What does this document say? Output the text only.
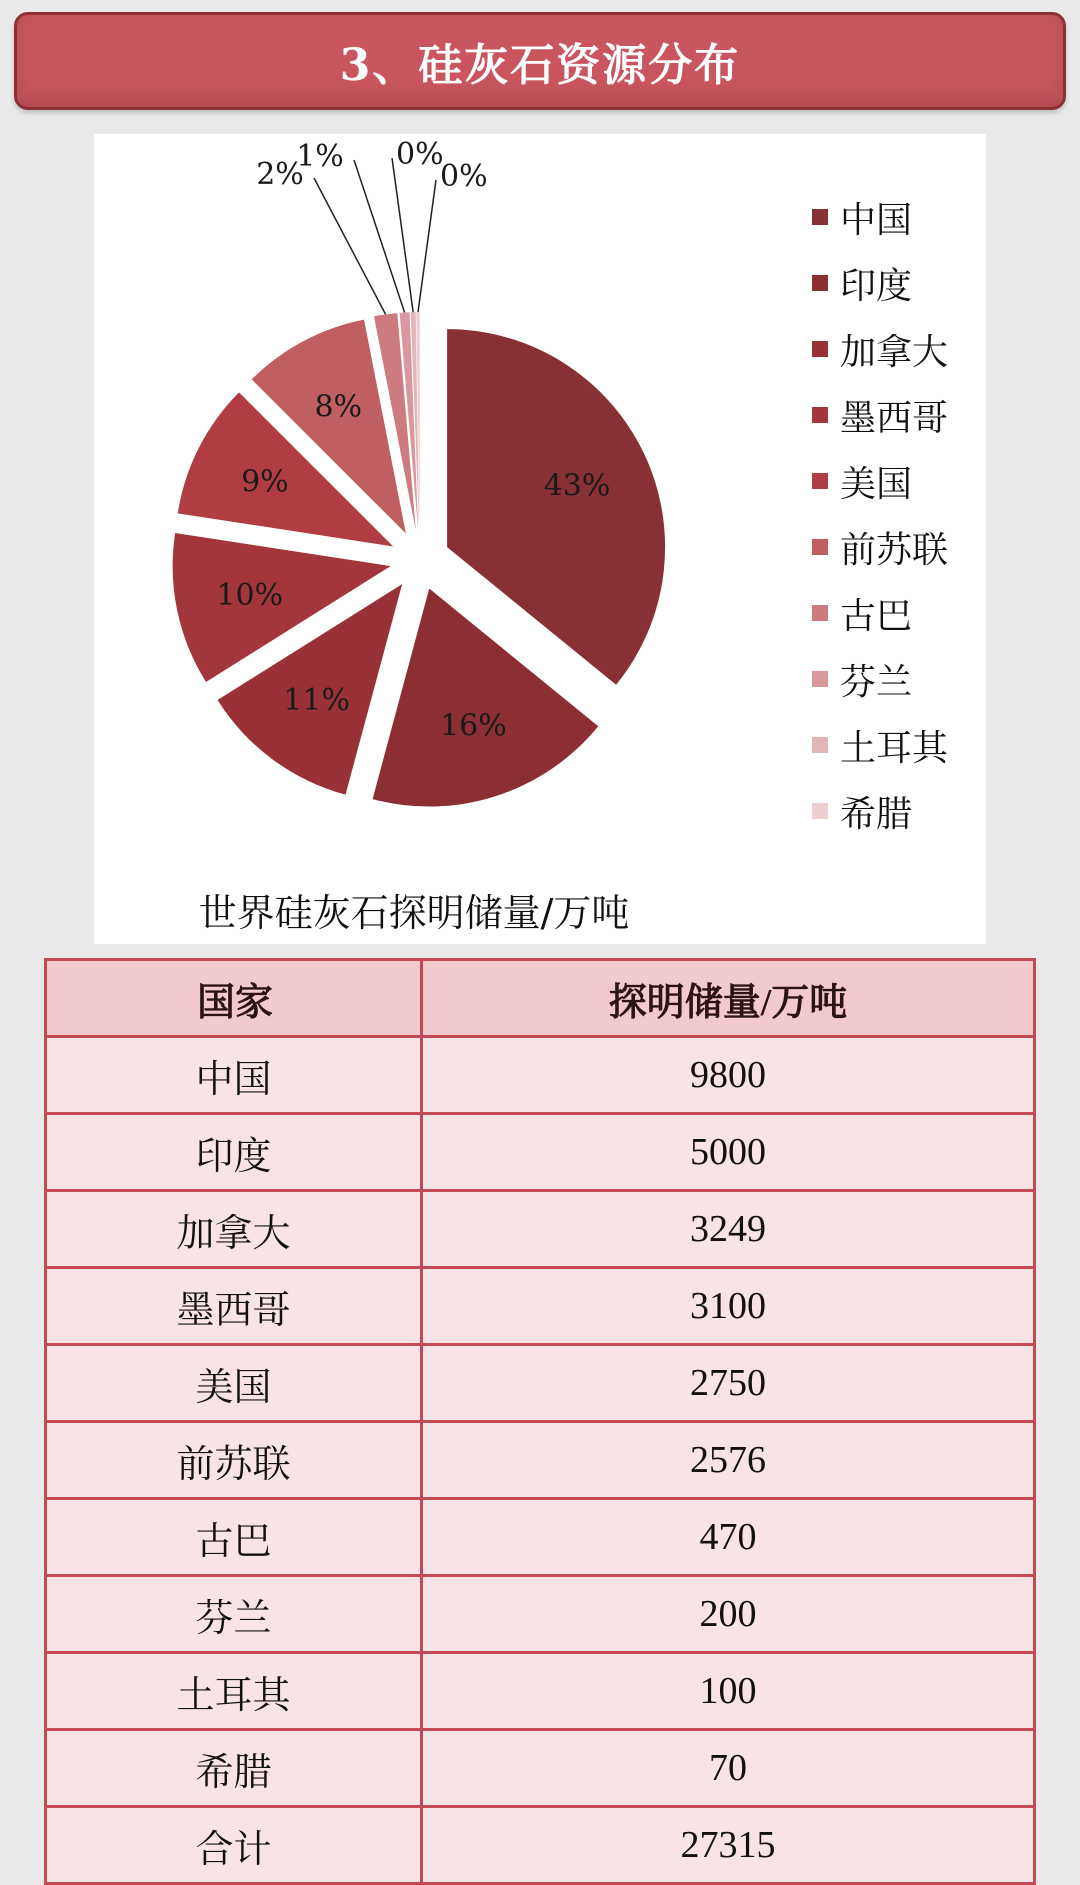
3、硅灰石资源分布
43%
16%
11%
10%
9%
8%
2%
1% 0%
0%
中国
印度
加拿大
墨西哥
美国
前苏联
古巴
芬兰
土耳其
希腊
世界硅灰石探明储量/万吨
国家	探明储量/万吨
中国	9800
印度	5000
加拿大	3249
墨西哥	3100
美国	2750
前苏联	2576
古巴	470
芬兰	200
土耳其	100
希腊	70
合计	27315
